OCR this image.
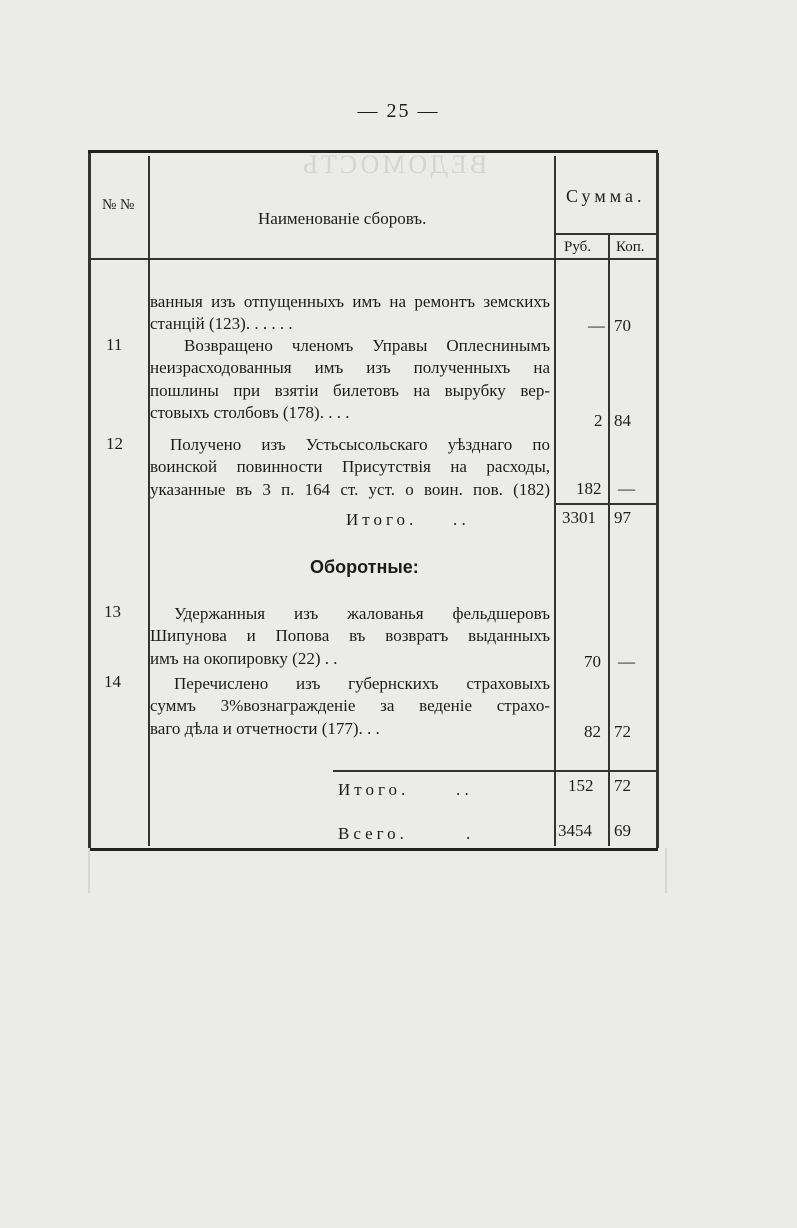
— 25 —
ВЕДОМОСТЬ
№ №
Наименованіе сборовъ.
Сумма.
Руб. Коп.
ванныя изъ отпущенныхъ имъ на ремонтъ земскихъ
станцій (123). . . . . .	— 70
11	Возвращено членомъ Управы Оплеснинымъ
неизрасходованныя имъ изъ полученныхъ на
пошлины при взятіи билетовъ на вырубку вер-
стовыхъ столбовъ (178). . . .	2 84
12	Получено изъ Устьсысольскаго уѣзднаго по
воинской повинности Присутствія на расходы,
указанные въ 3 п. 164 ст. уст. о воин. пов. (182) 182 —
Итого. . .	3301 97
Оборотные:
13	Удержанныя изъ жалованья фельдшеровъ
Шипунова и Попова въ возвратъ выданныхъ
имъ на окопировку (22) . .	70 —
14	Перечислено изъ губернскихъ страховыхъ
суммъ 3%вознагражденіе за веденіе страхо-
ваго дѣла и отчетности (177). . .	82 72
Итого.	. .	152 72
Всего.	.	3454 69
